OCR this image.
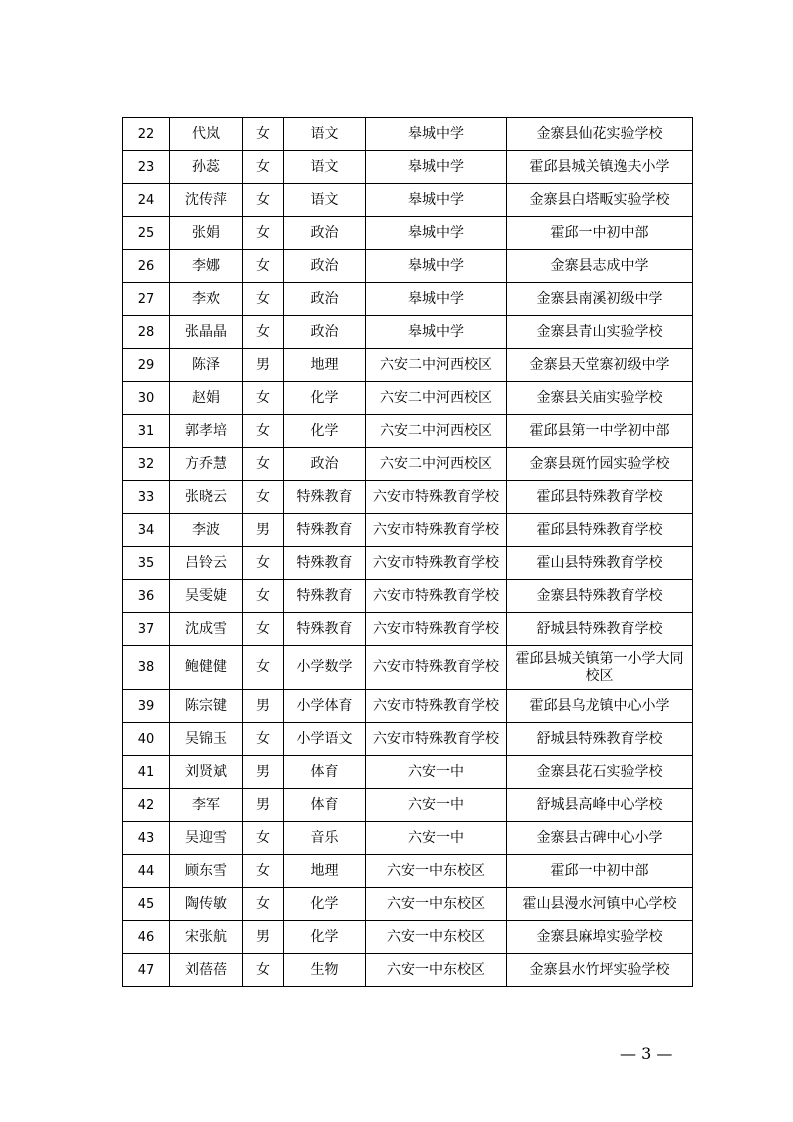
22	代岚	女	语文	皋城中学	金寨县仙花实验学校
23	孙蕊	女	语文	皋城中学	霍邱县城关镇逸夫小学
24	沈传萍	女	语文	皋城中学	金寨县白塔畈实验学校
25	张娟	女	政治	皋城中学	霍邱一中初中部
26	李娜	女	政治	皋城中学	金寨县志成中学
27	李欢	女	政治	皋城中学	金寨县南溪初级中学
28	张晶晶	女	政治	皋城中学	金寨县青山实验学校
29	陈泽	男	地理	六安二中河西校区	金寨县天堂寨初级中学
30	赵娟	女	化学	六安二中河西校区	金寨县关庙实验学校
31	郭孝培	女	化学	六安二中河西校区	霍邱县第一中学初中部
32	方乔慧	女	政治	六安二中河西校区	金寨县斑竹园实验学校
33	张晓云	女	特殊教育	六安市特殊教育学校	霍邱县特殊教育学校
34	李波	男	特殊教育	六安市特殊教育学校	霍邱县特殊教育学校
35	吕铃云	女	特殊教育	六安市特殊教育学校	霍山县特殊教育学校
36	吴雯婕	女	特殊教育	六安市特殊教育学校	金寨县特殊教育学校
37	沈成雪	女	特殊教育	六安市特殊教育学校	舒城县特殊教育学校
38	鲍健健	女	小学数学	六安市特殊教育学校	霍邱县城关镇第一小学大同校区
39	陈宗键	男	小学体育	六安市特殊教育学校	霍邱县乌龙镇中心小学
40	吴锦玉	女	小学语文	六安市特殊教育学校	舒城县特殊教育学校
41	刘贤斌	男	体育	六安一中	金寨县花石实验学校
42	李军	男	体育	六安一中	舒城县高峰中心学校
43	吴迎雪	女	音乐	六安一中	金寨县古碑中心小学
44	顾东雪	女	地理	六安一中东校区	霍邱一中初中部
45	陶传敏	女	化学	六安一中东校区	霍山县漫水河镇中心学校
46	宋张航	男	化学	六安一中东校区	金寨县麻埠实验学校
47	刘蓓蓓	女	生物	六安一中东校区	金寨县水竹坪实验学校
— 3 —
